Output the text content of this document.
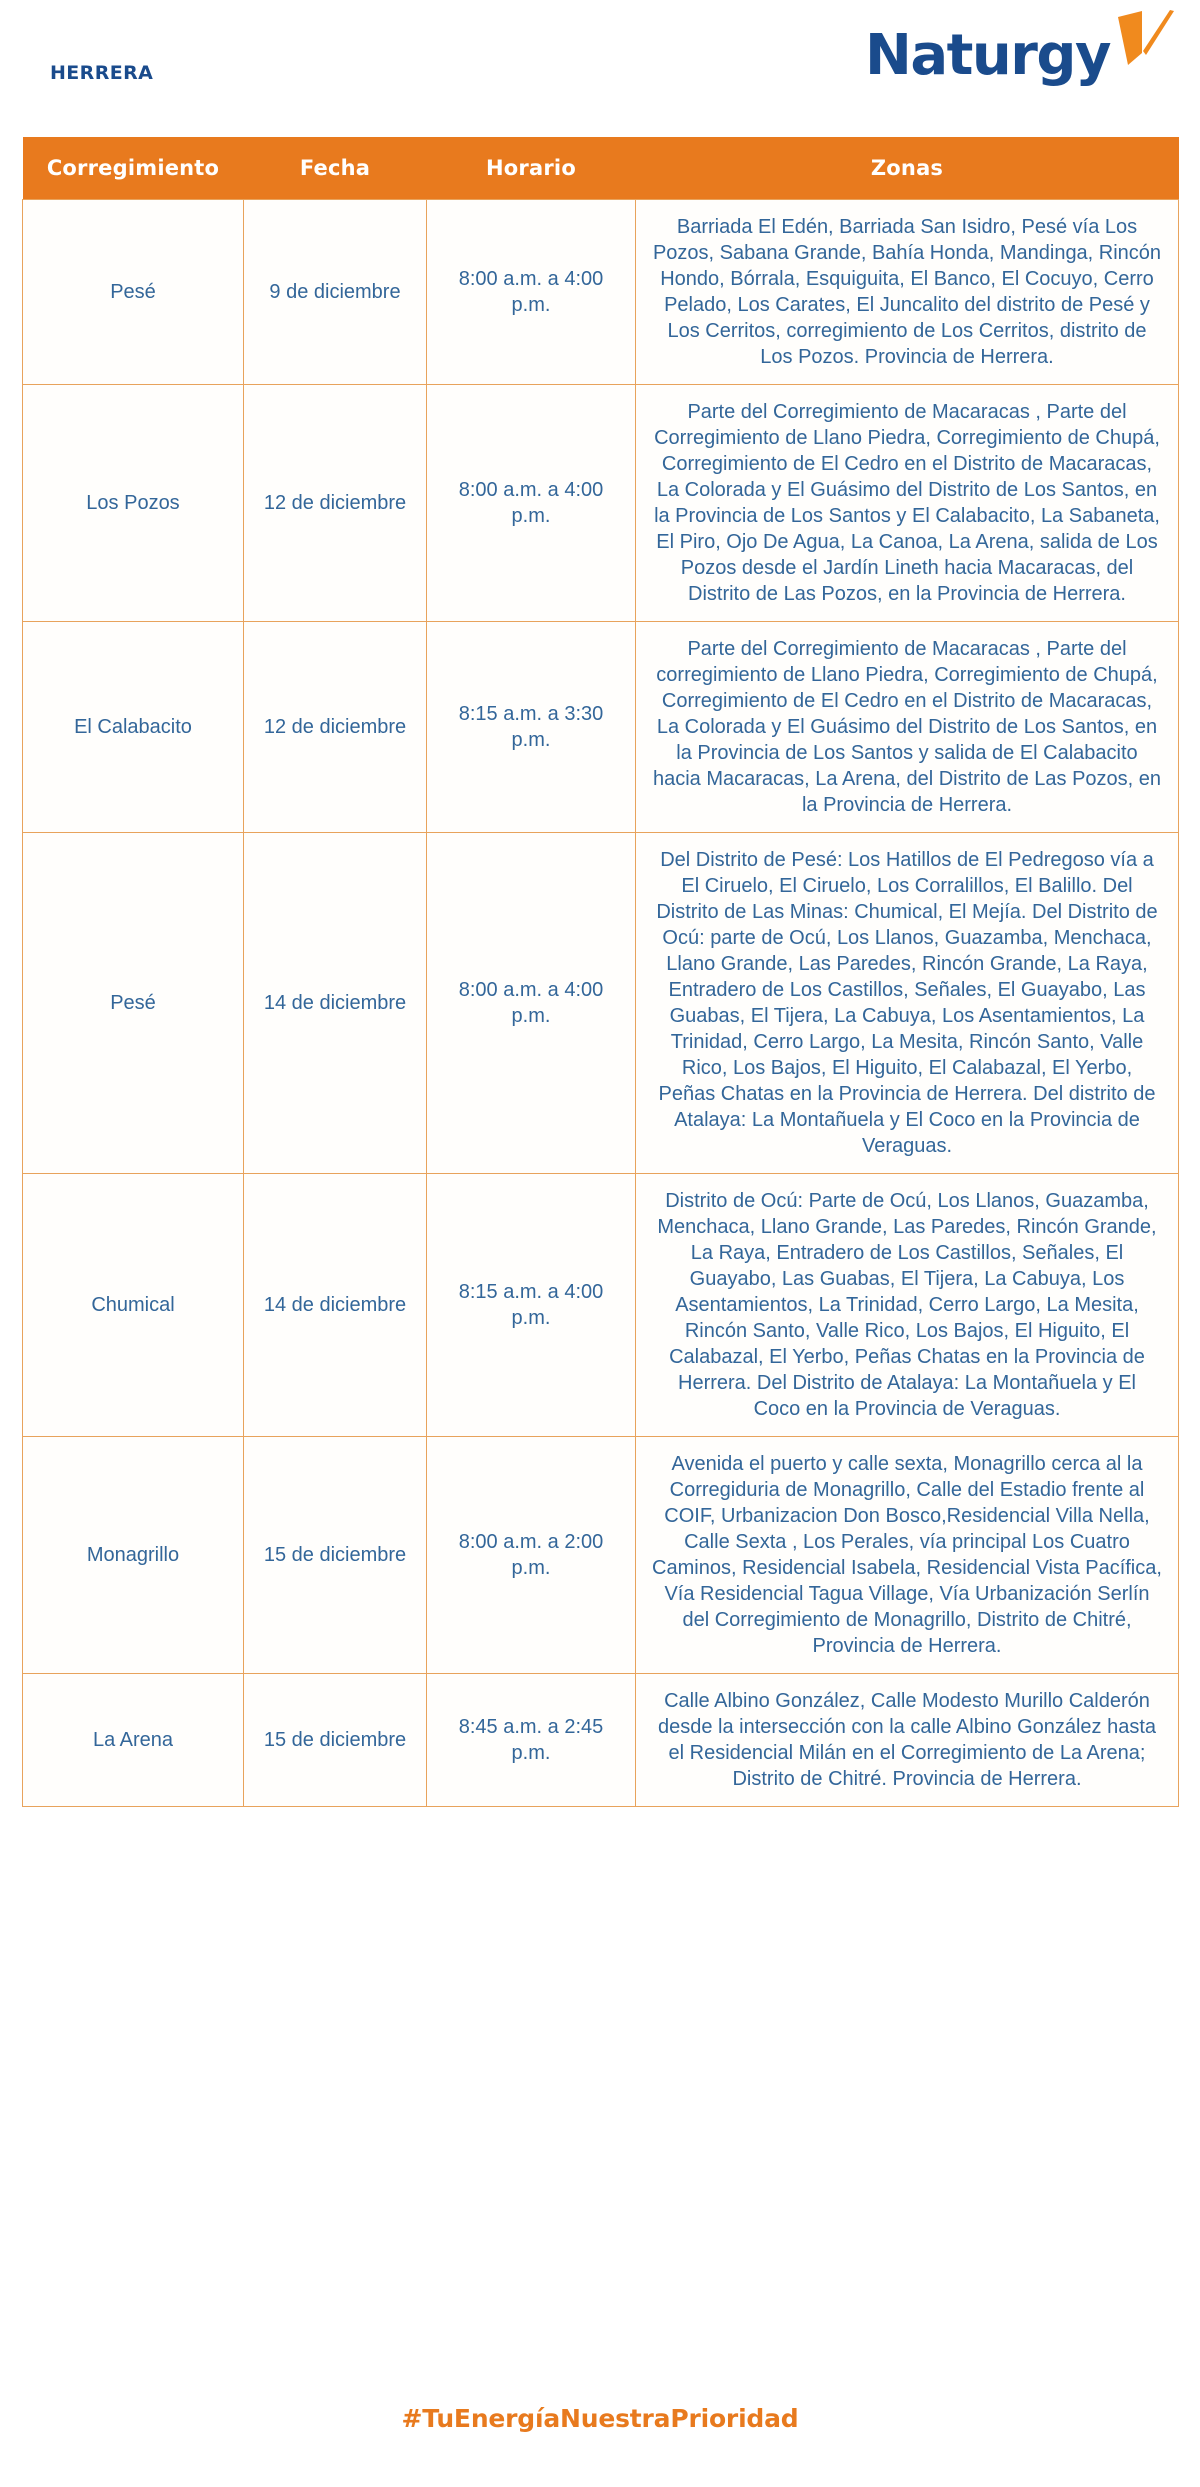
Naturgy
HERRERA
Corregimiento	Fecha	Horario	Zonas
Pesé	9 de diciembre	8:00 a.m. a 4:00 p.m.	Barriada El Edén, Barriada San Isidro, Pesé vía Los Pozos, Sabana Grande, Bahía Honda, Mandinga, Rincón Hondo, Bórrala, Esquiguita, El Banco, El Cocuyo, Cerro Pelado, Los Carates, El Juncalito del distrito de Pesé y Los Cerritos, corregimiento de Los Cerritos, distrito de Los Pozos. Provincia de Herrera.
Los Pozos	12 de diciembre	8:00 a.m. a 4:00 p.m.	Parte del Corregimiento de Macaracas , Parte del Corregimiento de Llano Piedra, Corregimiento de Chupá, Corregimiento de El Cedro en el Distrito de Macaracas, La Colorada y El Guásimo del Distrito de Los Santos, en la Provincia de Los Santos y El Calabacito, La Sabaneta, El Piro, Ojo De Agua, La Canoa, La Arena, salida de Los Pozos desde el Jardín Lineth hacia Macaracas, del Distrito de Las Pozos, en la Provincia de Herrera.
El Calabacito	12 de diciembre	8:15 a.m. a 3:30 p.m.	Parte del Corregimiento de Macaracas , Parte del corregimiento de Llano Piedra, Corregimiento de Chupá, Corregimiento de El Cedro en el Distrito de Macaracas, La Colorada y El Guásimo del Distrito de Los Santos, en la Provincia de Los Santos y salida de El Calabacito hacia Macaracas, La Arena, del Distrito de Las Pozos, en la Provincia de Herrera.
Pesé	14 de diciembre	8:00 a.m. a 4:00 p.m.	Del Distrito de Pesé: Los Hatillos de El Pedregoso vía a El Ciruelo, El Ciruelo, Los Corralillos, El Balillo. Del Distrito de Las Minas: Chumical, El Mejía. Del Distrito de Ocú: parte de Ocú, Los Llanos, Guazamba, Menchaca, Llano Grande, Las Paredes, Rincón Grande, La Raya, Entradero de Los Castillos, Señales, El Guayabo, Las Guabas, El Tijera, La Cabuya, Los Asentamientos, La Trinidad, Cerro Largo, La Mesita, Rincón Santo, Valle Rico, Los Bajos, El Higuito, El Calabazal, El Yerbo, Peñas Chatas en la Provincia de Herrera. Del distrito de Atalaya: La Montañuela y El Coco en la Provincia de Veraguas.
Chumical	14 de diciembre	8:15 a.m. a 4:00 p.m.	Distrito de Ocú: Parte de Ocú, Los Llanos, Guazamba, Menchaca, Llano Grande, Las Paredes, Rincón Grande, La Raya, Entradero de Los Castillos, Señales, El Guayabo, Las Guabas, El Tijera, La Cabuya, Los Asentamientos, La Trinidad, Cerro Largo, La Mesita, Rincón Santo, Valle Rico, Los Bajos, El Higuito, El Calabazal, El Yerbo, Peñas Chatas en la Provincia de Herrera. Del Distrito de Atalaya: La Montañuela y El Coco en la Provincia de Veraguas.
Monagrillo	15 de diciembre	8:00 a.m. a 2:00 p.m.	Avenida el puerto y calle sexta, Monagrillo cerca al la Corregiduria de Monagrillo, Calle del Estadio frente al COIF, Urbanizacion Don Bosco,Residencial Villa Nella, Calle Sexta , Los Perales, vía principal Los Cuatro Caminos, Residencial Isabela, Residencial Vista Pacífica, Vía Residencial Tagua Village, Vía Urbanización Serlín del Corregimiento de Monagrillo, Distrito de Chitré, Provincia de Herrera.
La Arena	15 de diciembre	8:45 a.m. a 2:45 p.m.	Calle Albino González, Calle Modesto Murillo Calderón desde la intersección con la calle Albino González hasta el Residencial Milán en el Corregimiento de La Arena; Distrito de Chitré. Provincia de Herrera.
#TuEnergíaNuestraPrioridad
